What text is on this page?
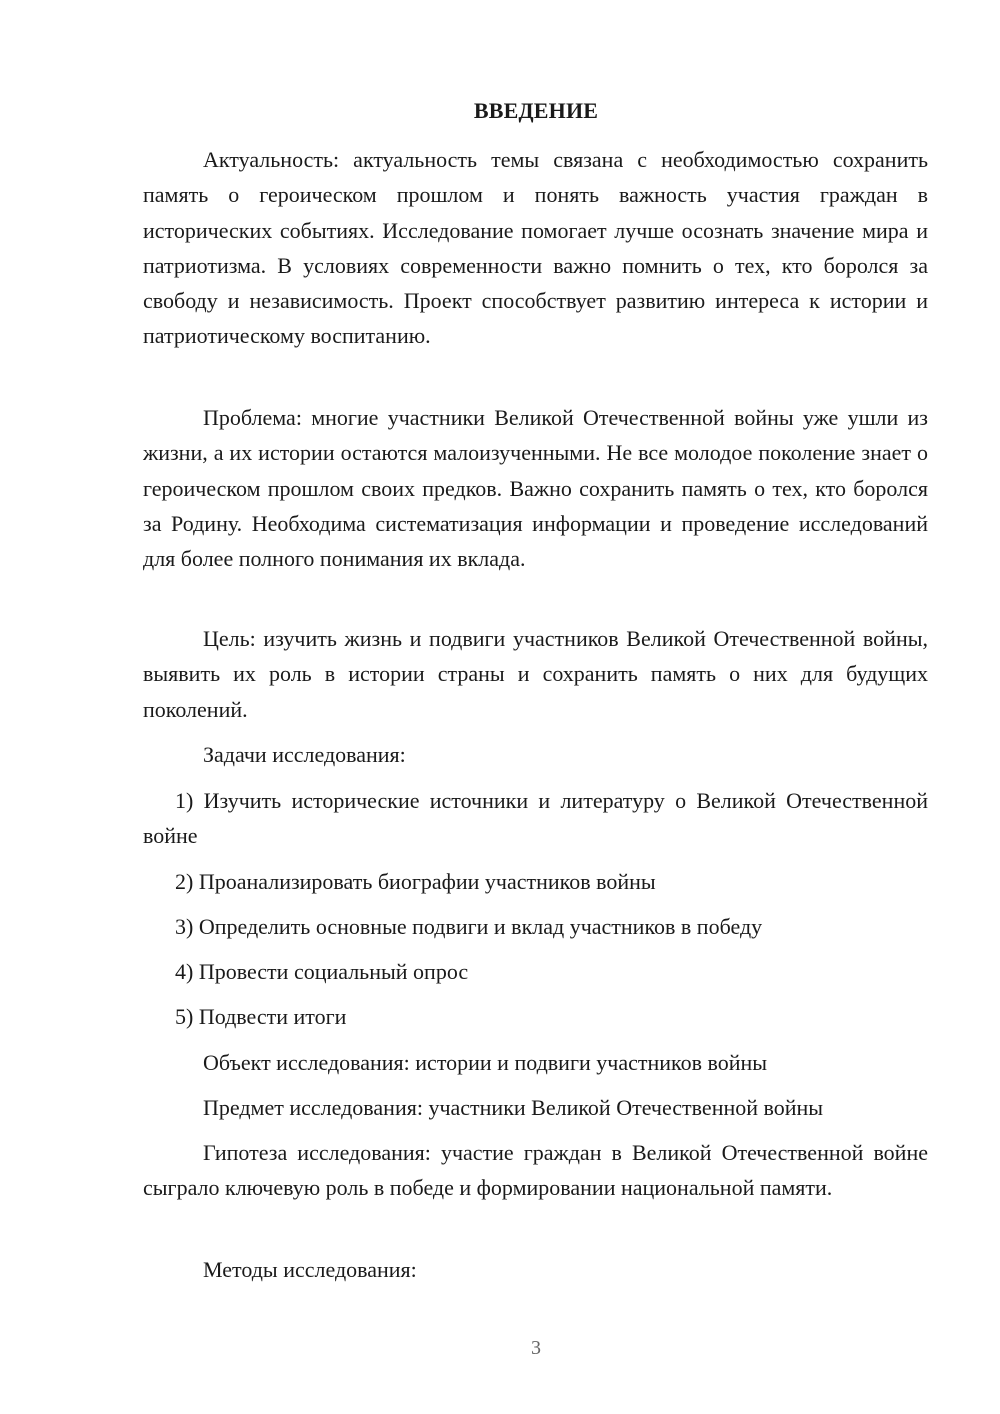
ВВЕДЕНИЕ

Актуальность: актуальность темы связана с необходимостью сохранить память о героическом прошлом и понять важность участия граждан в исторических событиях. Исследование помогает лучше осознать значение мира и патриотизма. В условиях современности важно помнить о тех, кто боролся за свободу и независимость. Проект способствует развитию интереса к истории и патриотическому воспитанию.

Проблема: многие участники Великой Отечественной войны уже ушли из жизни, а их истории остаются малоизученными. Не все молодое поколение знает о героическом прошлом своих предков. Важно сохранить память о тех, кто боролся за Родину. Необходима систематизация информации и проведение исследований для более полного понимания их вклада.

Цель: изучить жизнь и подвиги участников Великой Отечественной войны, выявить их роль в истории страны и сохранить память о них для будущих поколений.

Задачи исследования:

1) Изучить исторические источники и литературу о Великой Отечественной войне

2) Проанализировать биографии участников войны

3) Определить основные подвиги и вклад участников в победу

4) Провести социальный опрос

5) Подвести итоги

Объект исследования: истории и подвиги участников войны

Предмет исследования: участники Великой Отечественной войны

Гипотеза исследования: участие граждан в Великой Отечественной войне сыграло ключевую роль в победе и формировании национальной памяти.

Методы исследования:

3
